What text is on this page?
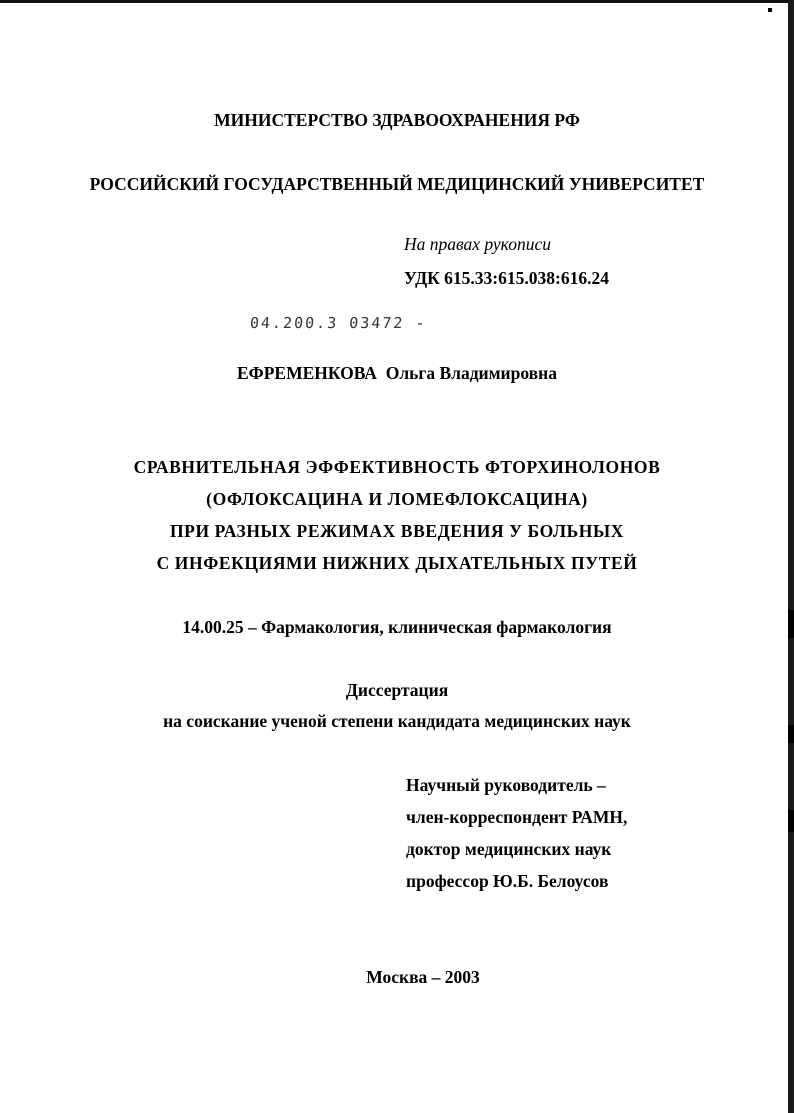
МИНИСТЕРСТВО ЗДРАВООХРАНЕНИЯ РФ
РОССИЙСКИЙ ГОСУДАРСТВЕННЫЙ МЕДИЦИНСКИЙ УНИВЕРСИТЕТ
На правах рукописи
УДК 615.33:615.038:616.24
04.200.3 03472 -
ЕФРЕМЕНКОВА Ольга Владимировна
СРАВНИТЕЛЬНАЯ ЭФФЕКТИВНОСТЬ ФТОРХИНОЛОНОВ
(ОФЛОКСАЦИНА И ЛОМЕФЛОКСАЦИНА)
ПРИ РАЗНЫХ РЕЖИМАХ ВВЕДЕНИЯ У БОЛЬНЫХ
С ИНФЕКЦИЯМИ НИЖНИХ ДЫХАТЕЛЬНЫХ ПУТЕЙ
14.00.25 – Фармакология, клиническая фармакология
Диссертация
на соискание ученой степени кандидата медицинских наук
Научный руководитель –
член-корреспондент РАМН,
доктор медицинских наук
профессор Ю.Б. Белоусов
Москва – 2003
